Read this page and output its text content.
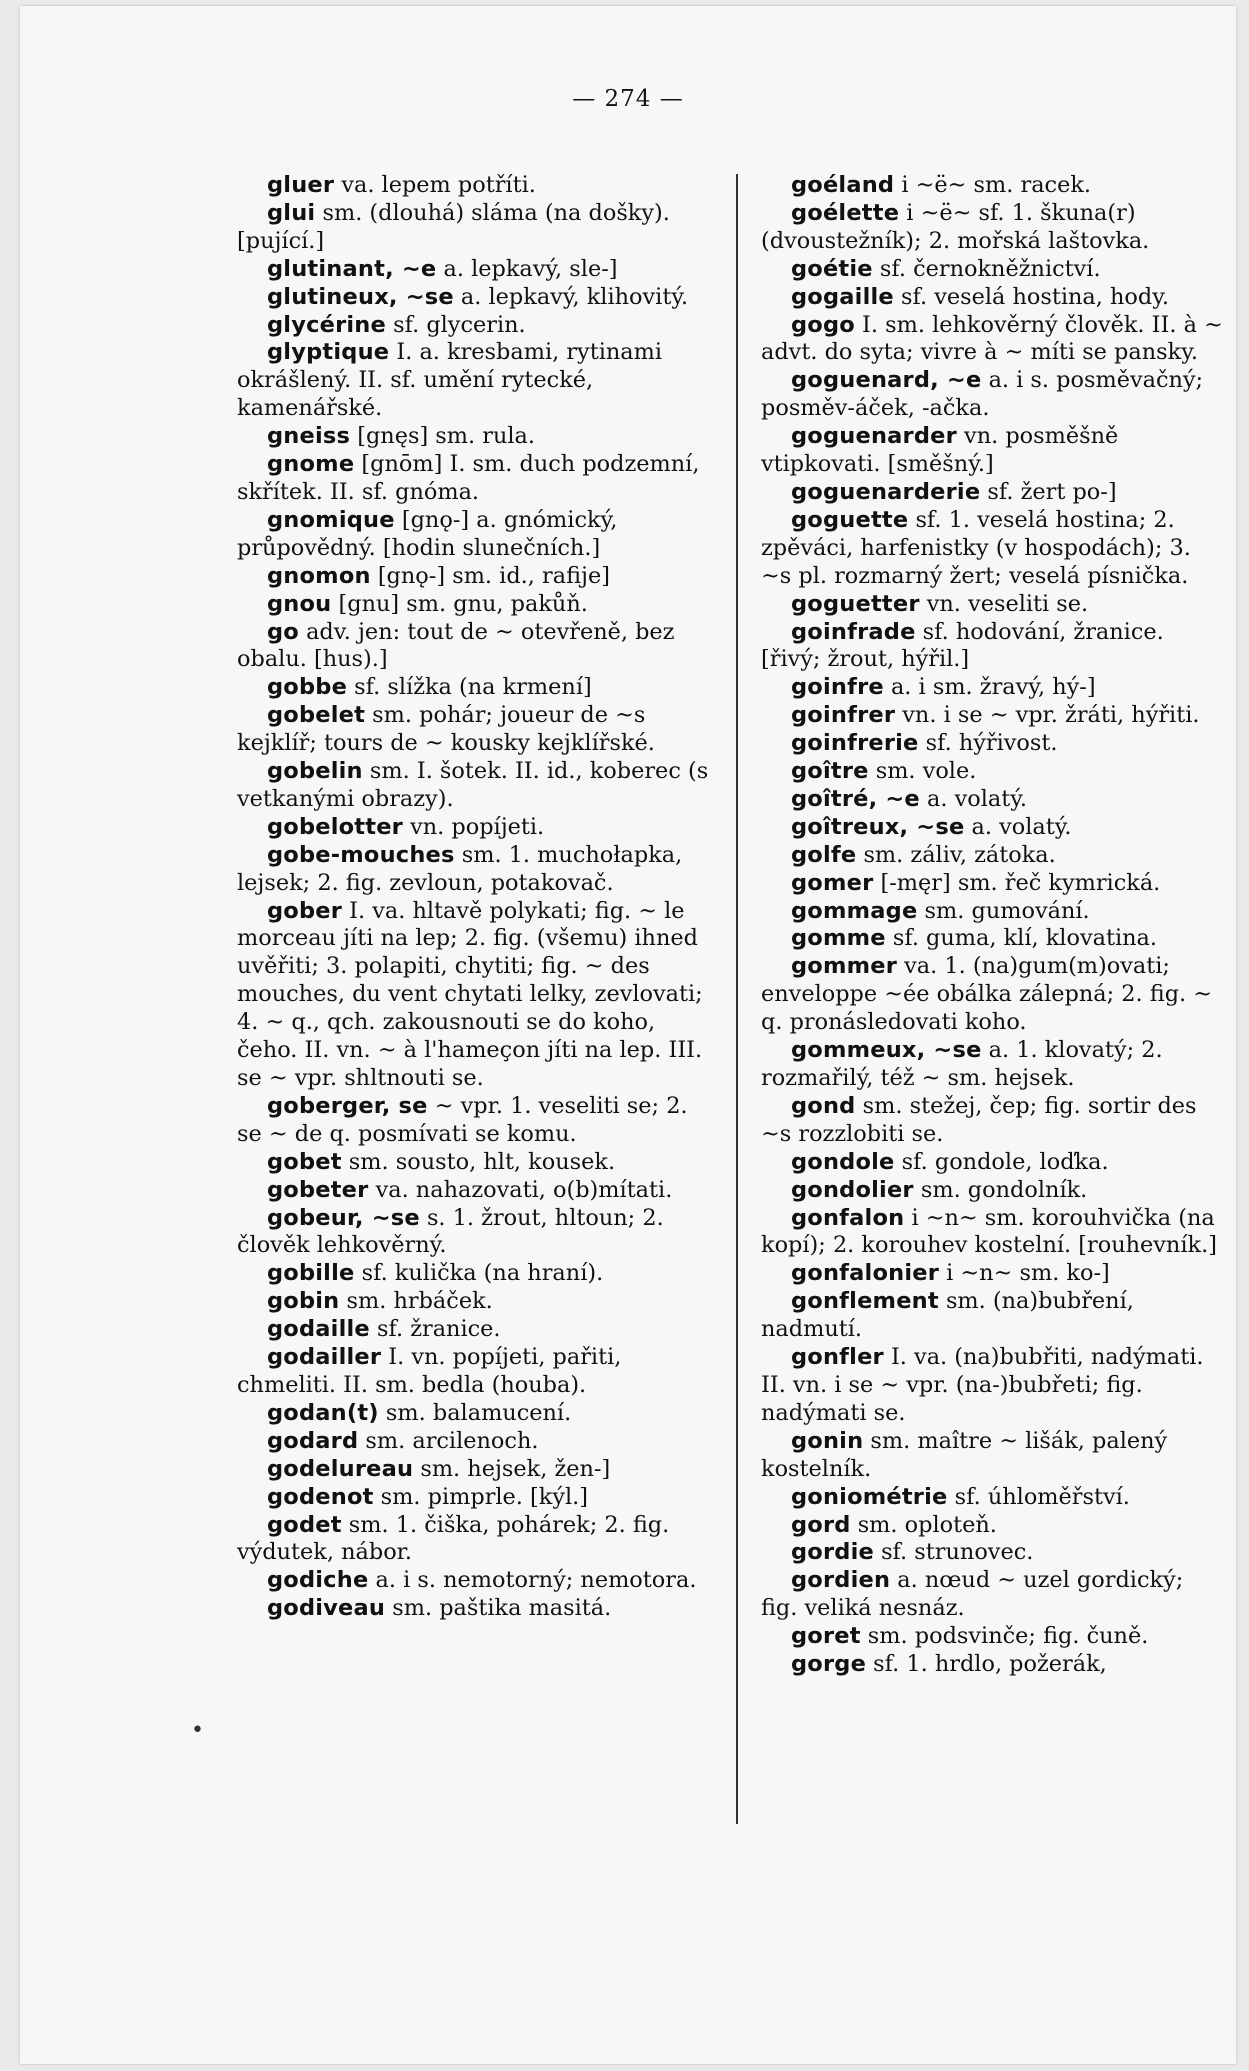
— 274 —

gluer va. lepem potříti.

glui sm. (dlouhá) sláma (na došky). [pující.]

glutinant, ~e a. lepkavý, sle-]

glutineux, ~se a. lepkavý, klihovitý.

glycérine sf. glycerin.

glyptique I. a. kresbami, rytinami okrášlený. II. sf. umění rytecké, kamenářské.

gneiss [gnęs] sm. rula.

gnome [gnōm] I. sm. duch podzemní, skřítek. II. sf. gnóma.

gnomique [gnǫ-] a. gnómický, průpovědný. [hodin slunečních.]

gnomon [gnǫ-] sm. id., rafije]

gnou [gnu] sm. gnu, pakůň.

go adv. jen: tout de ~ otevřeně, bez obalu. [hus).]

gobbe sf. slížka (na krmení]

gobelet sm. pohár; joueur de ~s kejklíř; tours de ~ kousky kejklířské.

gobelin sm. I. šotek. II. id., koberec (s vetkanými obrazy).

gobelotter vn. popíjeti.

gobe-mouches sm. 1. muchołapka, lejsek; 2. fig. zevloun, potakovač.

gober I. va. hltavě polykati; fig. ~ le morceau jíti na lep; 2. fig. (všemu) ihned uvěřiti; 3. polapiti, chytiti; fig. ~ des mouches, du vent chytati lelky, zevlovati; 4. ~ q., qch. zakousnouti se do koho, čeho. II. vn. ~ à l'hameçon jíti na lep. III. se ~ vpr. shltnouti se.

goberger, se ~ vpr. 1. veseliti se; 2. se ~ de q. posmívati se komu.

gobet sm. sousto, hlt, kousek.

gobeter va. nahazovati, o(b)mítati.

gobeur, ~se s. 1. žrout, hltoun; 2. člověk lehkověrný.

gobille sf. kulička (na hraní).

gobin sm. hrbáček.

godaille sf. žranice.

godailler I. vn. popíjeti, pařiti, chmeliti. II. sm. bedla (houba).

godan(t) sm. balamucení.

godard sm. arcilenoch.

godelureau sm. hejsek, žen-]

godenot sm. pimprle. [kýl.]

godet sm. 1. čiška, pohárek; 2. fig. výdutek, nábor.

godiche a. i s. nemotorný; nemotora.

godiveau sm. paštika masitá.

goéland i ~ë~ sm. racek.

goélette i ~ë~ sf. 1. škuna(r) (dvoustežník); 2. mořská laštovka.

goétie sf. černokněžnictví.

gogaille sf. veselá hostina, hody.

gogo I. sm. lehkověrný člověk. II. à ~ advt. do syta; vivre à ~ míti se pansky.

goguenard, ~e a. i s. posměvačný; posměv-áček, -ačka.

goguenarder vn. posměšně vtipkovati. [směšný.]

goguenarderie sf. žert po-]

goguette sf. 1. veselá hostina; 2. zpěváci, harfenistky (v hospodách); 3. ~s pl. rozmarný žert; veselá písnička.

goguetter vn. veseliti se.

goinfrade sf. hodování, žranice. [řivý; žrout, hýřil.]

goinfre a. i sm. žravý, hý-]

goinfrer vn. i se ~ vpr. žráti, hýřiti.

goinfrerie sf. hýřivost.

goître sm. vole.

goîtré, ~e a. volatý.

goîtreux, ~se a. volatý.

golfe sm. záliv, zátoka.

gomer [-męr] sm. řeč kymrická.

gommage sm. gumování.

gomme sf. guma, klí, klovatina.

gommer va. 1. (na)gum(m)ovati; enveloppe ~ée obálka zálepná; 2. fig. ~ q. pronásledovati koho.

gommeux, ~se a. 1. klovatý; 2. rozmařilý, též ~ sm. hejsek.

gond sm. stežej, čep; fig. sortir des ~s rozzlobiti se.

gondole sf. gondole, loďka.

gondolier sm. gondolník.

gonfalon i ~n~ sm. korouhvička (na kopí); 2. korouhev kostelní. [rouhevník.]

gonfalonier i ~n~ sm. ko-]

gonflement sm. (na)bubření, nadmutí.

gonfler I. va. (na)bubřiti, nadýmati. II. vn. i se ~ vpr. (na-)bubřeti; fig. nadýmati se.

gonin sm. maître ~ lišák, palený kostelník.

goniométrie sf. úhloměřství.

gord sm. oploteň.

gordie sf. strunovec.

gordien a. nœud ~ uzel gordický; fig. veliká nesnáz.

goret sm. podsvinče; fig. čuně.

gorge sf. 1. hrdlo, požerák,

•
